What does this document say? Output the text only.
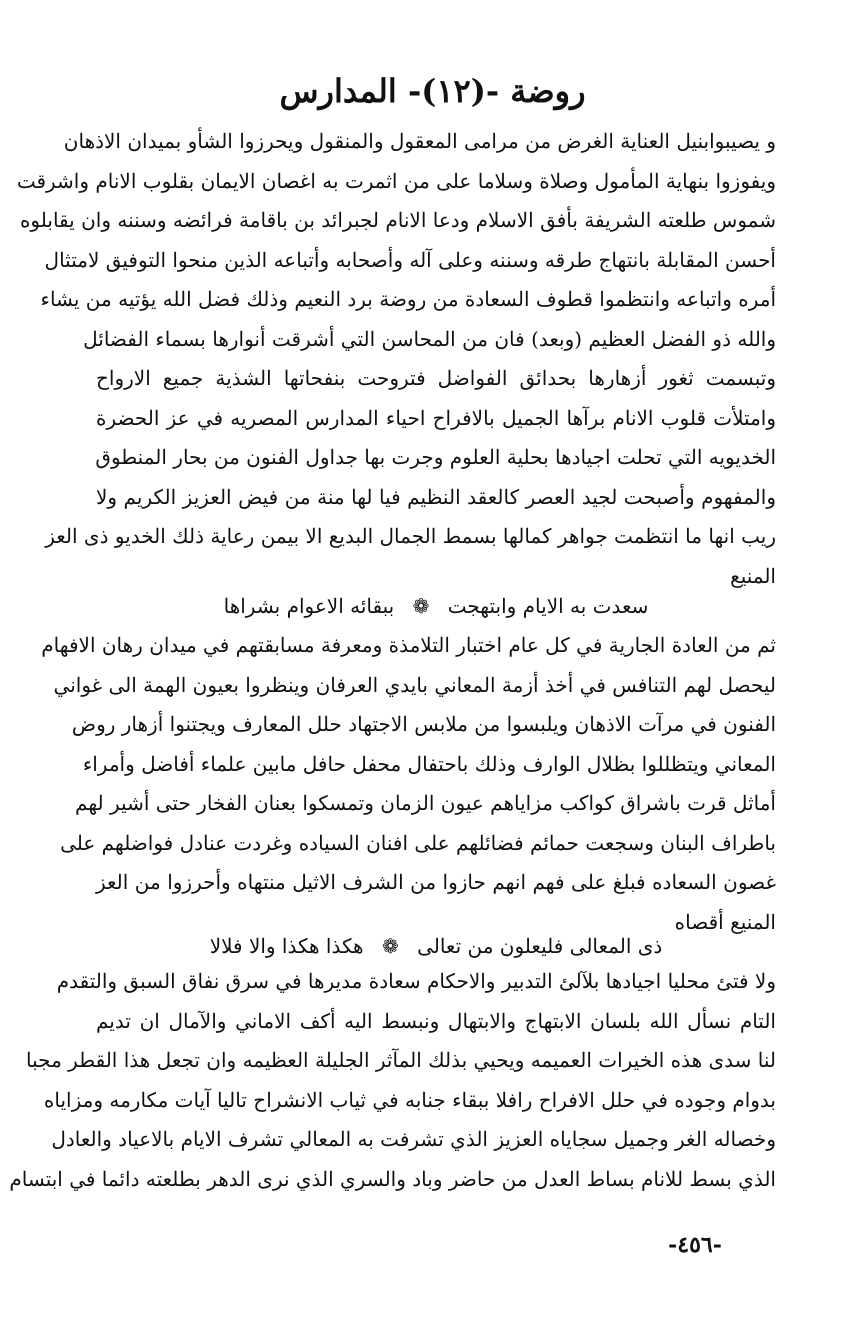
روضة -(١٢)- المدارس
و يصيبوابنيل العناية الغرض من مرامى المعقول والمنقول ويحرزوا الشأو بميدان الاذهان
ويفوزوا بنهاية المأمول وصلاة وسلاما على من اثمرت به اغصان الايمان بقلوب الانام واشرقت
شموس طلعته الشريفة بأفق الاسلام ودعا الانام لجبرائد بن باقامة فرائضه وسننه وان يقابلوه
أحسن المقابلة بانتهاج طرقه وسننه وعلى آله وأصحابه وأتباعه الذين منحوا التوفيق لامتثال
أمره واتباعه وانتظموا قطوف السعادة من روضة برد النعيم وذلك فضل الله يؤتيه من يشاء
والله ذو الفضل العظيم (وبعد) فان من المحاسن التي أشرقت أنوارها بسماء الفضائل
وتبسمت ثغور أزهارها بحدائق الفواضل فتروحت بنفحاتها الشذية جميع الارواح
وامتلأت قلوب الانام برآها الجميل بالافراح احياء المدارس المصريه في عز الحضرة
الخديويه التي تحلت اجيادها بحلية العلوم وجرت بها جداول الفنون من بحار المنطوق
والمفهوم وأصبحت لجيد العصر كالعقد النظيم فيا لها منة من فيض العزيز الكريم ولا
ريب انها ما انتظمت جواهر كمالها بسمط الجمال البديع الا بيمن رعاية ذلك الخديو ذى العز
المنيع
سعدت به الايام وابتهجت ❁ ببقائه الاعوام بشراها
ثم من العادة الجارية في كل عام اختبار التلامذة ومعرفة مسابقتهم في ميدان رهان الافهام
ليحصل لهم التنافس في أخذ أزمة المعاني بايدي العرفان وينظروا بعيون الهمة الى غواني
الفنون في مرآت الاذهان ويلبسوا من ملابس الاجتهاد حلل المعارف ويجتنوا أزهار روض
المعاني ويتظللوا بظلال الوارف وذلك باحتفال محفل حافل مابين علماء أفاضل وأمراء
أماثل قرت باشراق كواكب مزاياهم عيون الزمان وتمسكوا بعنان الفخار حتى أشير لهم
باطراف البنان وسجعت حمائم فضائلهم على افنان السياده وغردت عنادل فواضلهم على
غصون السعاده فبلغ على فهم انهم حازوا من الشرف الاثيل منتهاه وأحرزوا من العز
المنيع أقصاه
ذى المعالى فليعلون من تعالى ❁ هكذا هكذا والا فلالا
ولا فتئ محليا اجيادها بلآلئ التدبير والاحكام سعادة مديرها في سرق نفاق السبق والتقدم
التام نسأل الله بلسان الابتهاج والابتهال ونبسط اليه أكف الاماني والآمال ان تديم
لنا سدى هذه الخيرات العميمه ويحيي بذلك المآثر الجليلة العظيمه وان تجعل هذا القطر مجبا
بدوام وجوده في حلل الافراح رافلا ببقاء جنابه في ثياب الانشراح تاليا آيات مكارمه ومزاياه
وخصاله الغر وجميل سجاياه العزيز الذي تشرفت به المعالي تشرف الايام بالاعياد والعادل
الذي بسط للانام بساط العدل من حاضر وباد والسري الذي نرى الدهر بطلعته دائما في ابتسام
-٤٥٦-
